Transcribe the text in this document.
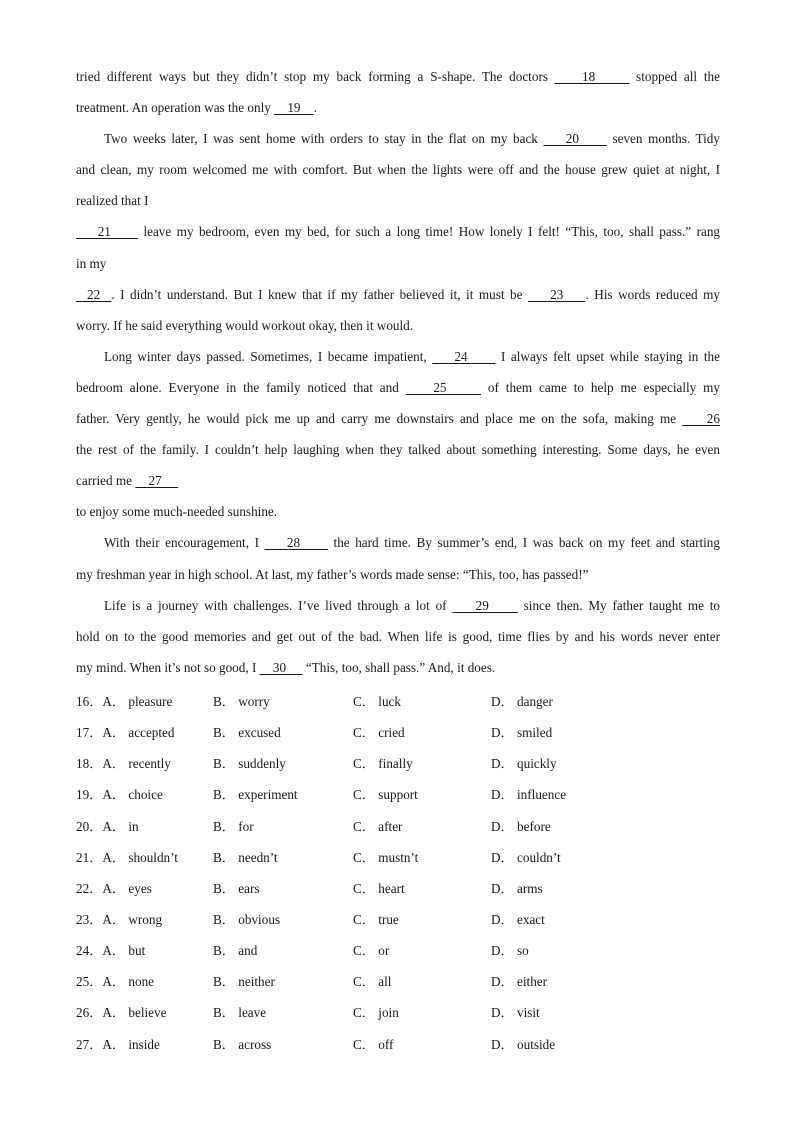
tried different ways but they didn’t stop my back forming a S-shape. The doctors     18      stopped all the
treatment. An operation was the only     19    .
Two weeks later, I was sent home with orders to stay in the flat on my back     20      seven months. Tidy
and clean, my room welcomed me with comfort. But when the lights were off and the house grew quiet at night, I
realized that I
21      leave my bedroom, even my bed, for such a long time! How lonely I felt! “This, too, shall pass.” rang
in my
22  . I didn’t understand. But I knew that if my father believed it, it must be     23    . His words reduced my
worry. If he said everything would workout okay, then it would.
Long winter days passed. Sometimes, I became impatient,     24      I always felt upset while staying in the
bedroom alone. Everyone in the family noticed that and     25      of them came to help me especially my
father. Very gently, he would pick me up and carry me downstairs and place me on the sofa, making me     26
the rest of the family. I couldn’t help laughing when they talked about something interesting. Some days, he even
carried me     27
to enjoy some much-needed sunshine.
With their encouragement, I     28      the hard time. By summer’s end, I was back on my feet and starting
my freshman year in high school. At last, my father’s words made sense: “This, too, has passed!”
Life is a journey with challenges. I’ve lived through a lot of     29      since then. My father taught me to
hold on to the good memories and get out of the bad. When life is good, time flies by and his words never enter
my mind. When it’s not so good, I     30      “This, too, shall pass.” And, it does.
16．A． pleasure	B． worry	C． luck	D． danger
17．A． accepted	B． excused	C． cried	D． smiled
18．A． recently	B． suddenly	C． finally	D． quickly
19．A． choice	B． experiment	C． support	D． influence
20．A． in	B． for	C． after	D． before
21．A． shouldn’t	B． needn’t	C． mustn’t	D． couldn’t
22．A． eyes	B． ears	C． heart	D． arms
23．A． wrong	B． obvious	C． true	D． exact
24．A． but	B． and	C． or	D． so
25．A． none	B． neither	C． all	D． either
26．A． believe	B． leave	C． join	D． visit
27．A． inside	B． across	C． off	D． outside
